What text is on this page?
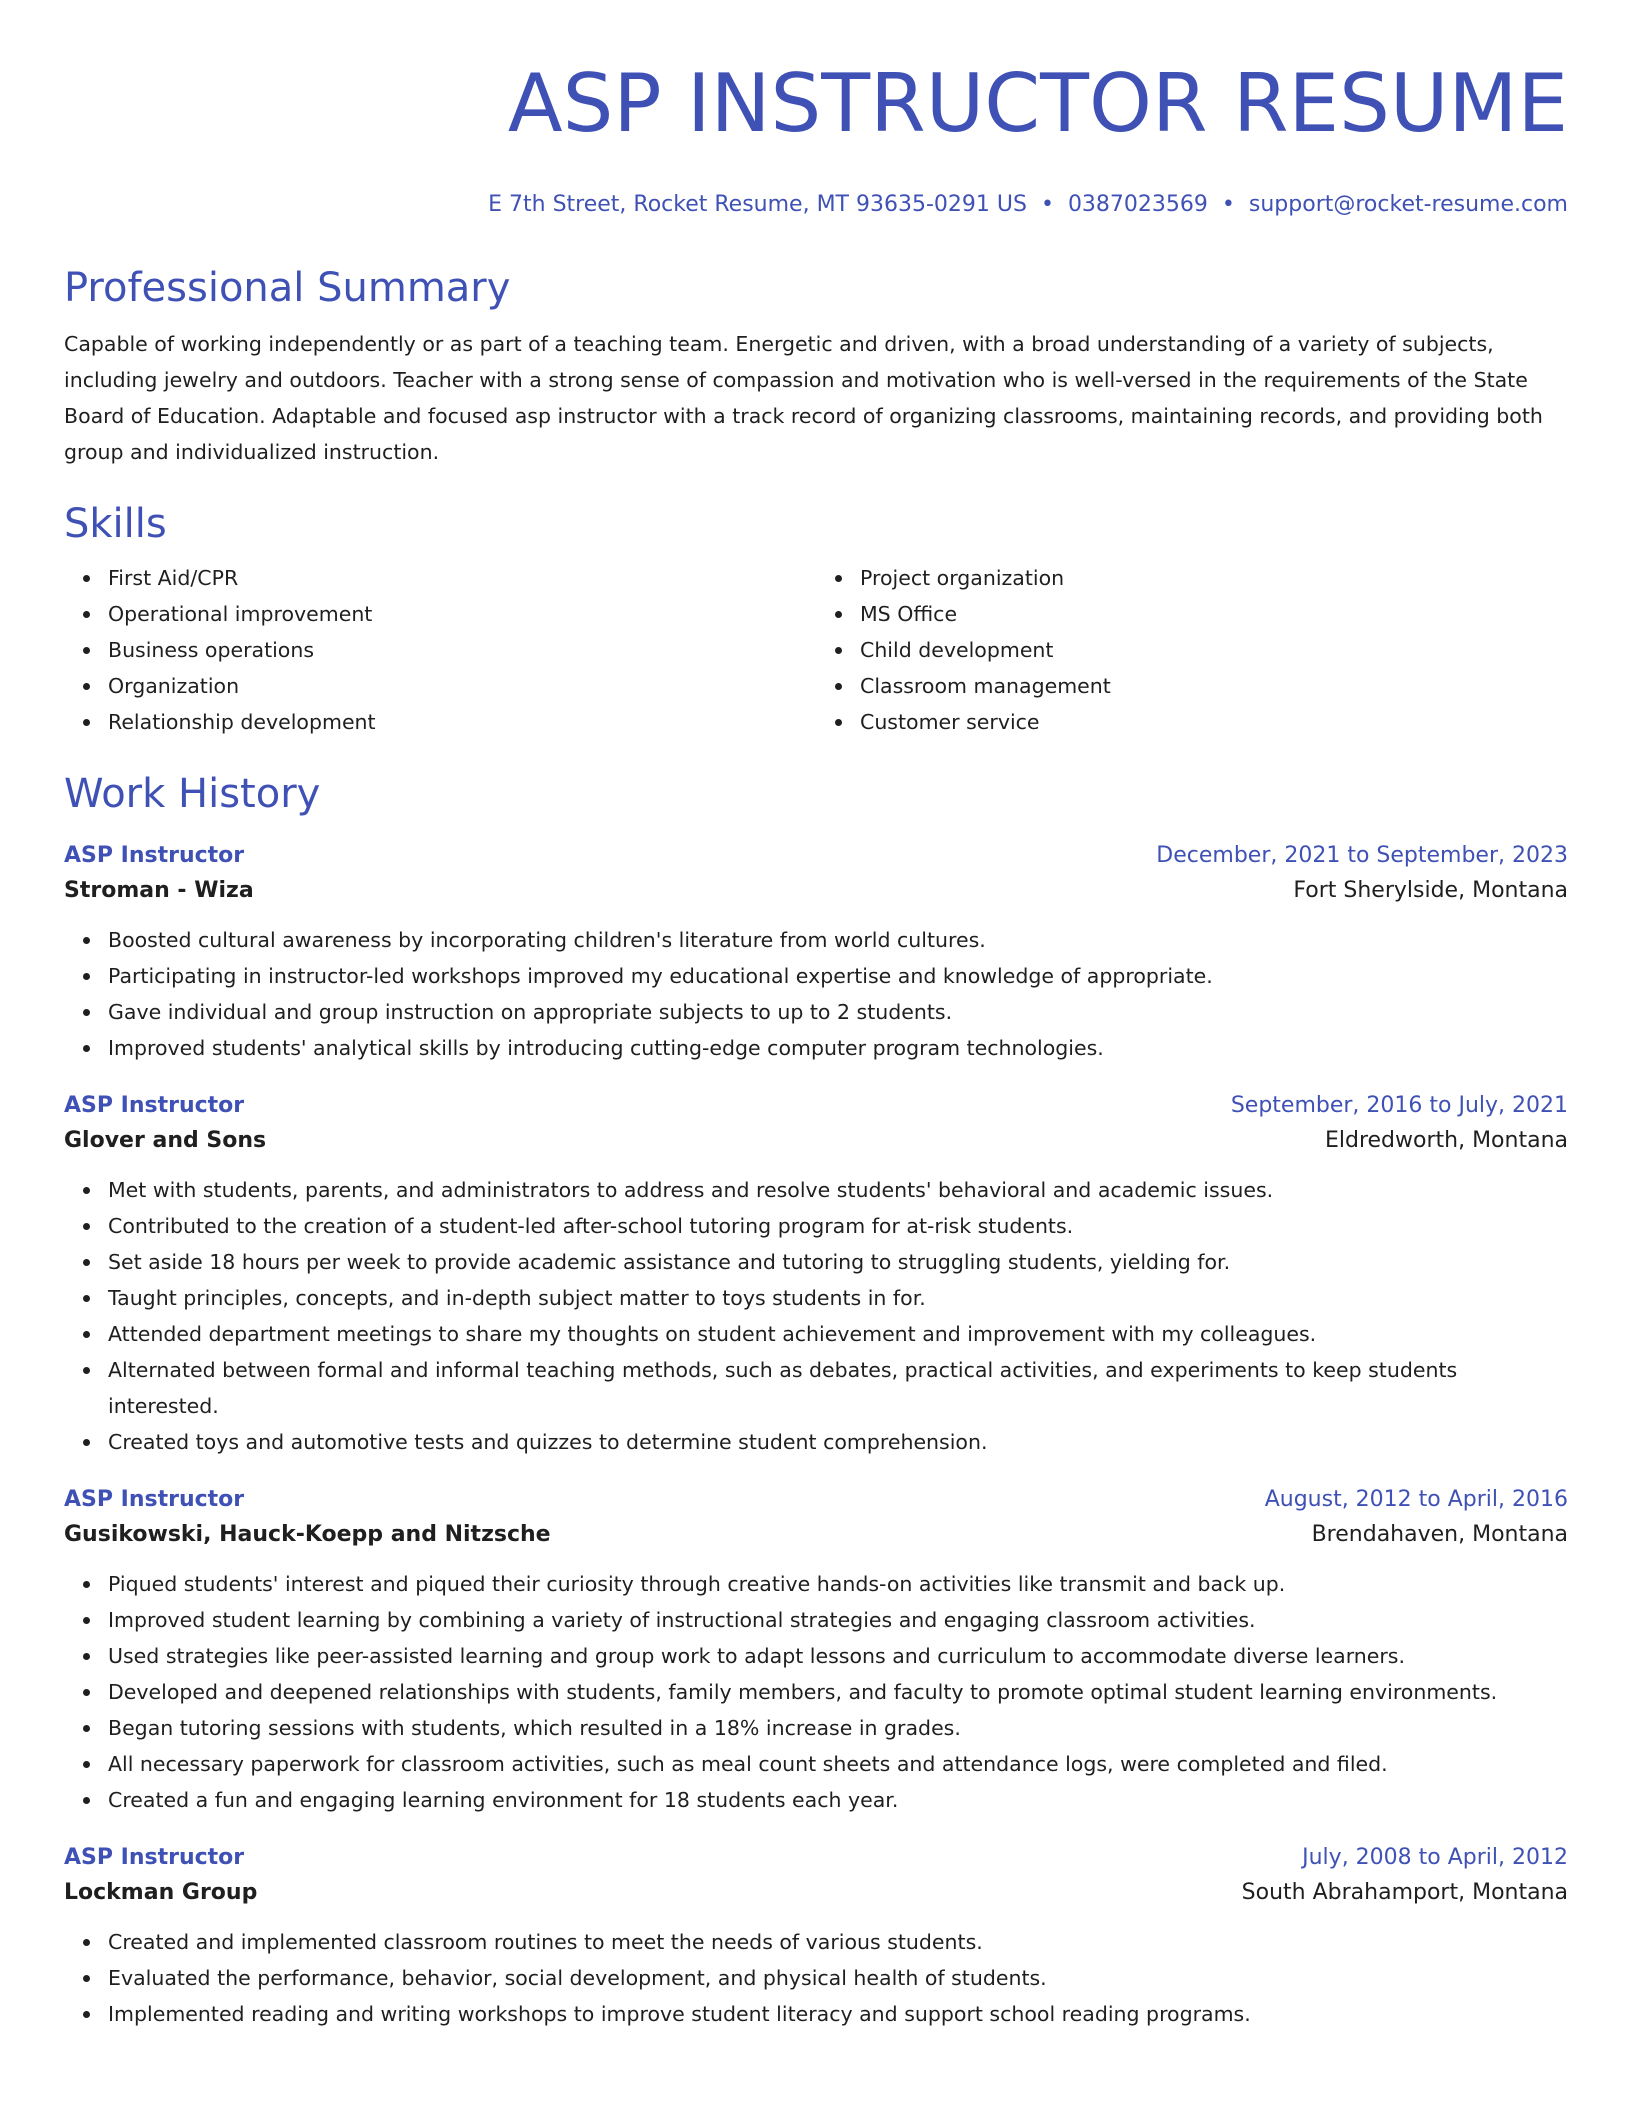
ASP INSTRUCTOR RESUME
E 7th Street, Rocket Resume, MT 93635-0291 US • 0387023569 • support@rocket-resume.com
Professional Summary

Capable of working independently or as part of a teaching team. Energetic and driven, with a broad understanding of a variety of subjects, including jewelry and outdoors. Teacher with a strong sense of compassion and motivation who is well-versed in the requirements of the State Board of Education. Adaptable and focused asp instructor with a track record of organizing classrooms, maintaining records, and providing both group and individualized instruction.

Skills
First Aid/CPR
Operational improvement
Business operations
Organization
Relationship development
Project organization
MS Office
Child development
Classroom management
Customer service
Work History
ASP Instructor	December, 2021 to September, 2023
Stroman - Wiza	Fort Sherylside, Montana
Boosted cultural awareness by incorporating children's literature from world cultures.
Participating in instructor-led workshops improved my educational expertise and knowledge of appropriate.
Gave individual and group instruction on appropriate subjects to up to 2 students.
Improved students' analytical skills by introducing cutting-edge computer program technologies.
ASP Instructor	September, 2016 to July, 2021
Glover and Sons	Eldredworth, Montana
Met with students, parents, and administrators to address and resolve students' behavioral and academic issues.
Contributed to the creation of a student-led after-school tutoring program for at-risk students.
Set aside 18 hours per week to provide academic assistance and tutoring to struggling students, yielding for.
Taught principles, concepts, and in-depth subject matter to toys students in for.
Attended department meetings to share my thoughts on student achievement and improvement with my colleagues.
Alternated between formal and informal teaching methods, such as debates, practical activities, and experiments to keep students interested.
Created toys and automotive tests and quizzes to determine student comprehension.
ASP Instructor	August, 2012 to April, 2016
Gusikowski, Hauck-Koepp and Nitzsche	Brendahaven, Montana
Piqued students' interest and piqued their curiosity through creative hands-on activities like transmit and back up.
Improved student learning by combining a variety of instructional strategies and engaging classroom activities.
Used strategies like peer-assisted learning and group work to adapt lessons and curriculum to accommodate diverse learners.
Developed and deepened relationships with students, family members, and faculty to promote optimal student learning environments.
Began tutoring sessions with students, which resulted in a 18% increase in grades.
All necessary paperwork for classroom activities, such as meal count sheets and attendance logs, were completed and filed.
Created a fun and engaging learning environment for 18 students each year.
ASP Instructor	July, 2008 to April, 2012
Lockman Group	South Abrahamport, Montana
Created and implemented classroom routines to meet the needs of various students.
Evaluated the performance, behavior, social development, and physical health of students.
Implemented reading and writing workshops to improve student literacy and support school reading programs.
